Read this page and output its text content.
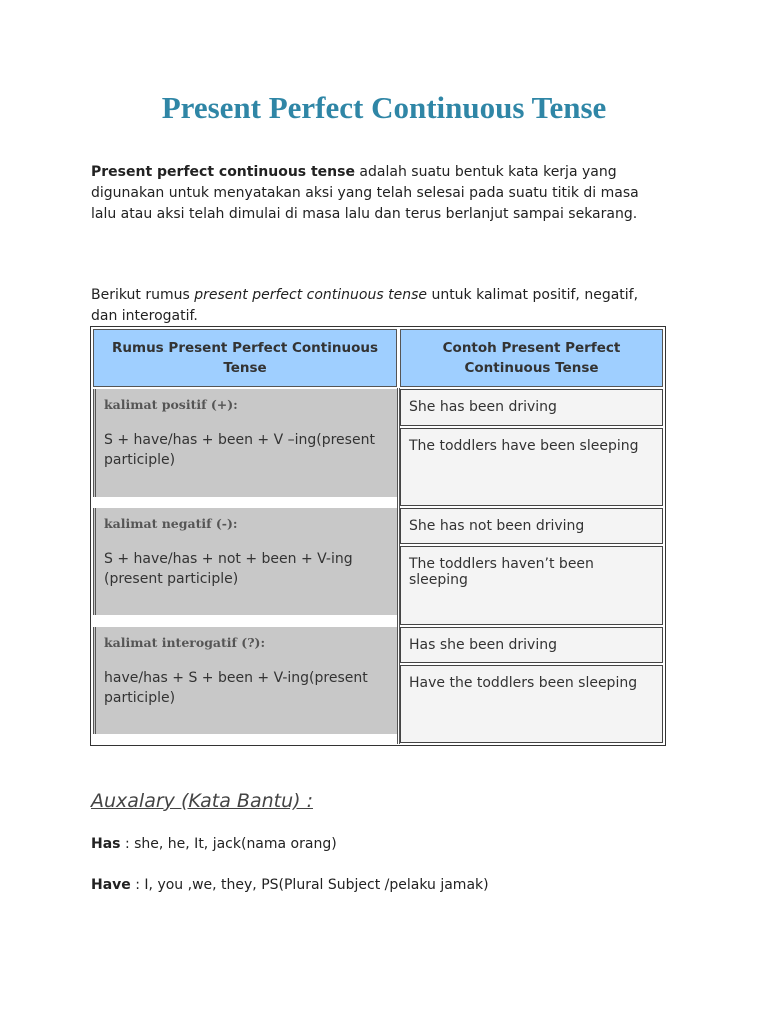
Present Perfect Continuous Tense
Present perfect continuous tense adalah suatu bentuk kata kerja yang digunakan untuk menyatakan aksi yang telah selesai pada suatu titik di masa lalu atau aksi telah dimulai di masa lalu dan terus berlanjut sampai sekarang.
Berikut rumus present perfect continuous tense untuk kalimat positif, negatif, dan interogatif.
Rumus Present Perfect Continuous Tense
Contoh Present Perfect Continuous Tense
kalimat positif (+):
S + have/has + been + V –ing(present participle)
She has been driving
The toddlers have been sleeping
kalimat negatif (-):
S + have/has + not + been + V-ing (present participle)
She has not been driving
The toddlers haven’t been sleeping
kalimat interogatif (?):
have/has + S + been + V-ing(present participle)
Has she been driving
Have the toddlers been sleeping
Auxalary (Kata Bantu) :
Has : she, he, It, jack(nama orang)
Have : I, you ,we, they, PS(Plural Subject /pelaku jamak)
